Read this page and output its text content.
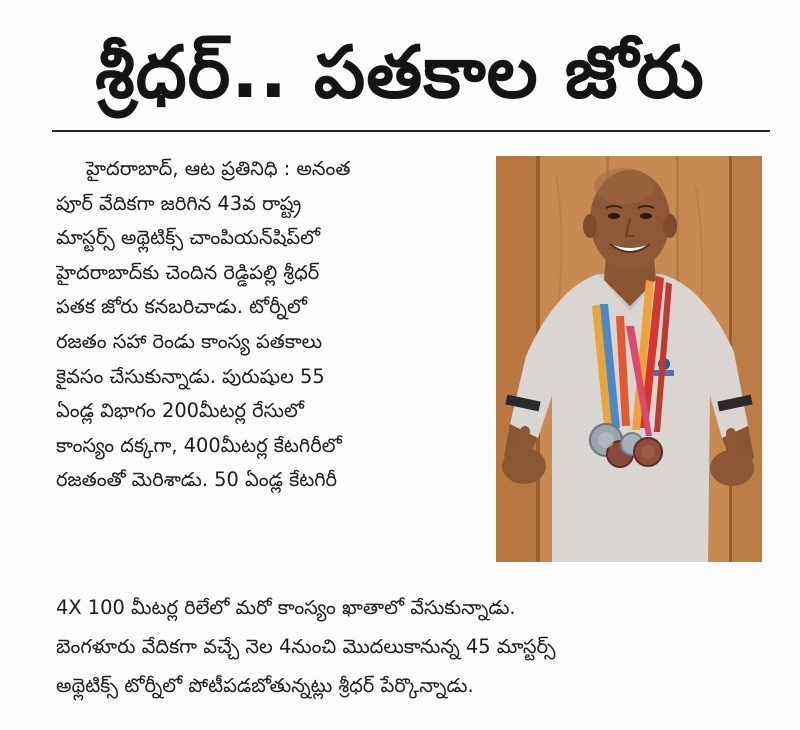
శ్రీధర్.. పతకాల జోరు
హైదరాబాద్, ఆట ప్రతినిధి : అనంత
పూర్ వేదికగా జరిగిన 43వ రాష్ట్ర
మాస్టర్స్ అథ్లెటిక్స్ చాంపియన్‌షిప్‌లో
హైదరాబాద్‌కు చెందిన రెడ్డిపల్లి శ్రీధర్
పతక జోరు కనబరిచాడు. టోర్నీలో
రజతం సహా రెండు కాంస్య పతకాలు
కైవసం చేసుకున్నాడు. పురుషుల 55
ఏండ్ల విభాగం 200మీటర్ల రేసులో
కాంస్యం దక్కగా, 400మీటర్ల కేటగిరీలో
రజతంతో మెరిశాడు. 50 ఏండ్ల కేటగిరీ
4X 100 మీటర్ల రిలేలో మరో కాంస్యం ఖాతాలో వేసుకున్నాడు.
బెంగళూరు వేదికగా వచ్చే నెల 4నుంచి మొదలుకానున్న 45 మాస్టర్స్
అథ్లెటిక్స్ టోర్నీలో పోటీపడబోతున్నట్లు శ్రీధర్ పేర్కొన్నాడు.
